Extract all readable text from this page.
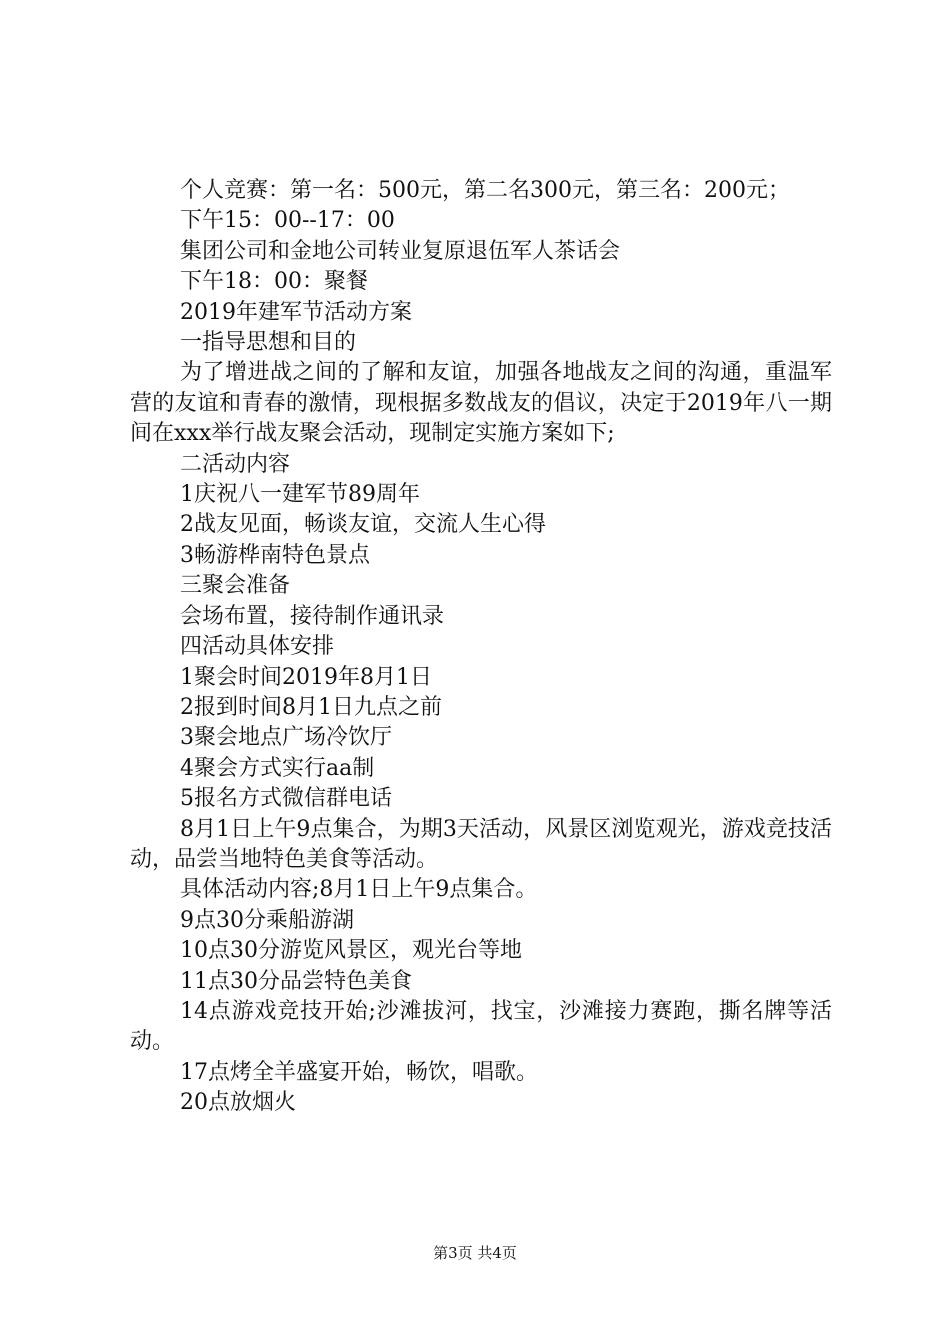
个人竞赛：第一名：500元，第二名300元，第三名：200元；

下午15：00--17：00

集团公司和金地公司转业复原退伍军人茶话会

下午18：00：聚餐

2019年建军节活动方案

一指导思想和目的

为了增进战之间的了解和友谊，加强各地战友之间的沟通，重温军营的友谊和青春的激情，现根据多数战友的倡议，决定于2019年八一期间在xxx举行战友聚会活动，现制定实施方案如下;

二活动内容

1庆祝八一建军节89周年

2战友见面，畅谈友谊，交流人生心得

3畅游桦南特色景点

三聚会准备

会场布置，接待制作通讯录

四活动具体安排

1聚会时间2019年8月1日

2报到时间8月1日九点之前

3聚会地点广场冷饮厅

4聚会方式实行aa制

5报名方式微信群电话

8月1日上午9点集合，为期3天活动，风景区浏览观光，游戏竞技活动，品尝当地特色美食等活动。

具体活动内容;8月1日上午9点集合。

9点30分乘船游湖

10点30分游览风景区，观光台等地

11点30分品尝特色美食

14点游戏竞技开始;沙滩拔河，找宝，沙滩接力赛跑，撕名牌等活动。

17点烤全羊盛宴开始，畅饮，唱歌。

20点放烟火

第3页 共4页
